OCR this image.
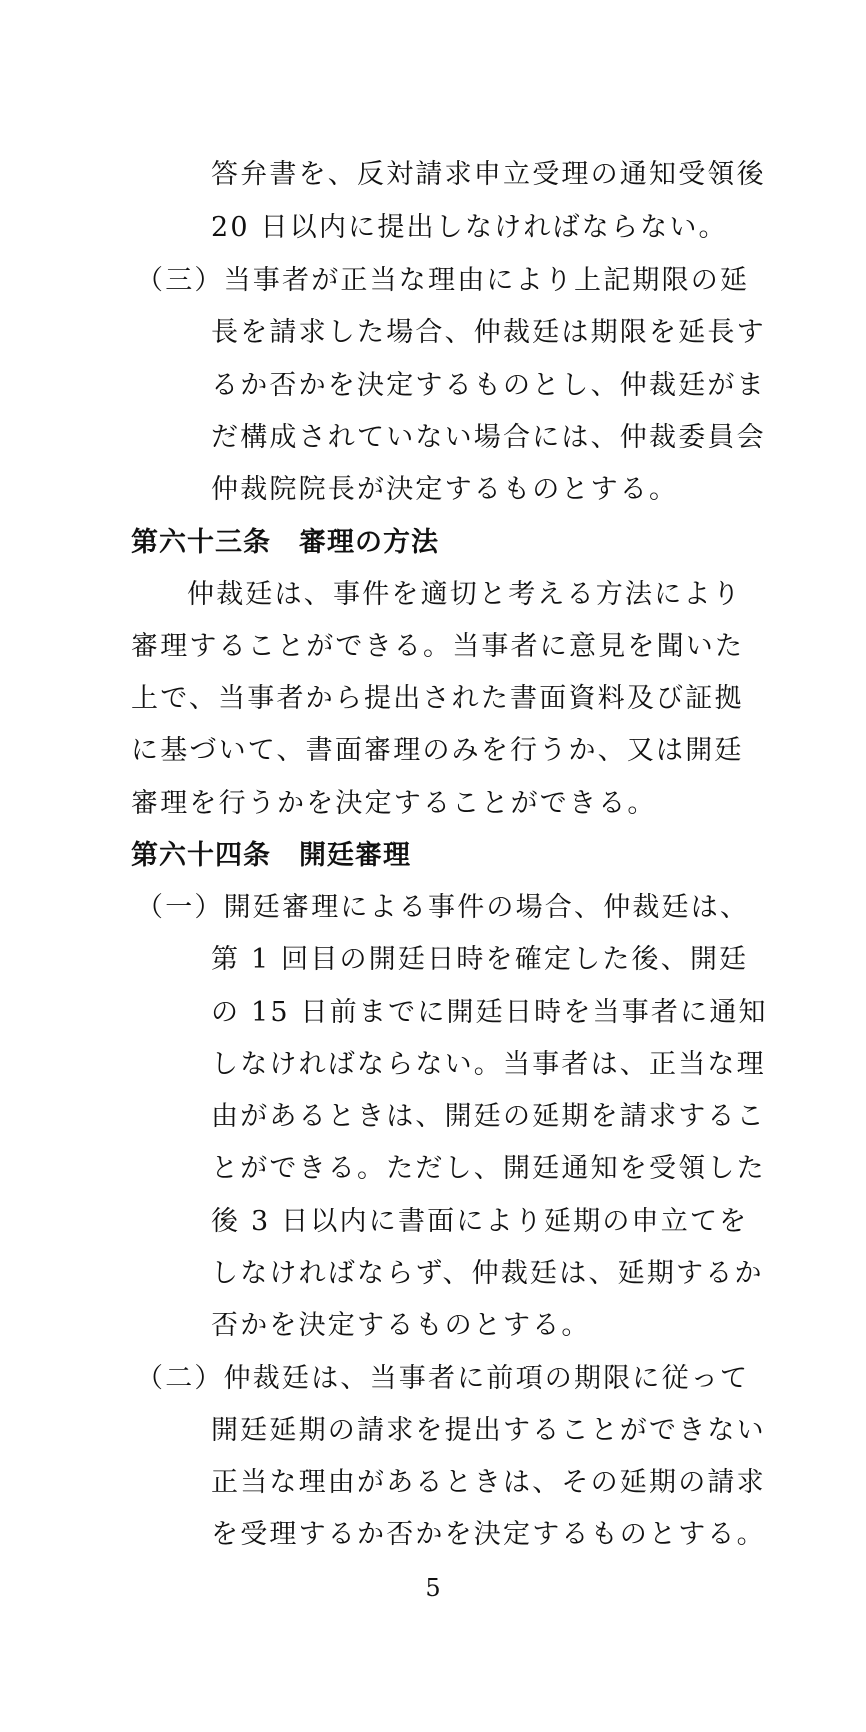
答弁書を、反対請求申立受理の通知受領後
20 日以内に提出しなければならない。
（三）当事者が正当な理由により上記期限の延
長を請求した場合、仲裁廷は期限を延長す
るか否かを決定するものとし、仲裁廷がま
だ構成されていない場合には、仲裁委員会
仲裁院院長が決定するものとする。
第六十三条　審理の方法
仲裁廷は、事件を適切と考える方法により
審理することができる。当事者に意見を聞いた
上で、当事者から提出された書面資料及び証拠
に基づいて、書面審理のみを行うか、又は開廷
審理を行うかを決定することができる。
第六十四条　開廷審理
（一）開廷審理による事件の場合、仲裁廷は、
第 1 回目の開廷日時を確定した後、開廷
の 15 日前までに開廷日時を当事者に通知
しなければならない。当事者は、正当な理
由があるときは、開廷の延期を請求するこ
とができる。ただし、開廷通知を受領した
後 3 日以内に書面により延期の申立てを
しなければならず、仲裁廷は、延期するか
否かを決定するものとする。
（二）仲裁廷は、当事者に前項の期限に従って
開廷延期の請求を提出することができない
正当な理由があるときは、その延期の請求
を受理するか否かを決定するものとする。
5
